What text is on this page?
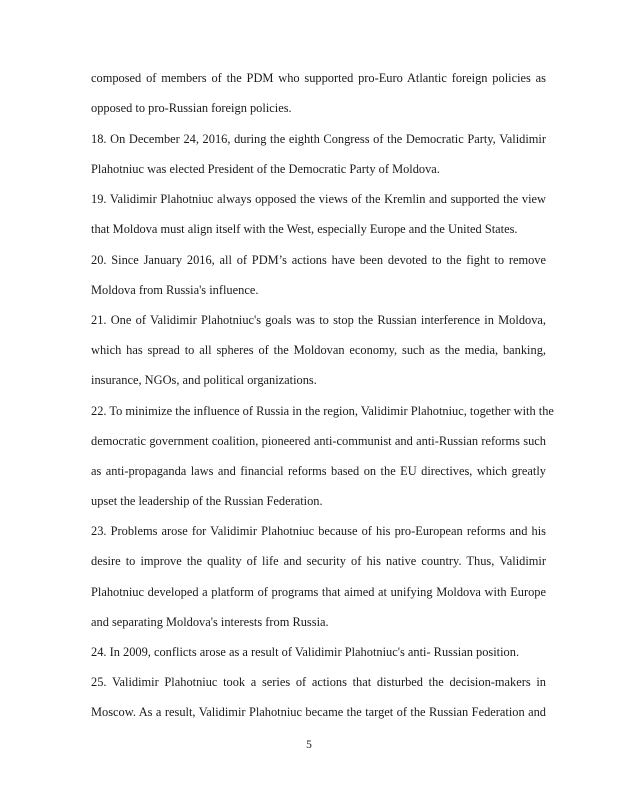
composed of members of the PDM who supported pro-Euro Atlantic foreign policies as
opposed to pro-Russian foreign policies.
18. On December 24, 2016, during the eighth Congress of the Democratic Party, Validimir
Plahotniuc was elected President of the Democratic Party of Moldova.
19. Validimir Plahotniuc always opposed the views of the Kremlin and supported the view
that Moldova must align itself with the West, especially Europe and the United States.
20. Since January 2016, all of PDM’s actions have been devoted to the fight to remove
Moldova from Russia's influence.
21. One of Validimir Plahotniuc's goals was to stop the Russian interference in Moldova,
which has spread to all spheres of the Moldovan economy, such as the media, banking,
insurance, NGOs, and political organizations.
22. To minimize the influence of Russia in the region, Validimir Plahotniuc, together with the
democratic government coalition, pioneered anti-communist and anti-Russian reforms such
as anti-propaganda laws and financial reforms based on the EU directives, which greatly
upset the leadership of the Russian Federation.
23. Problems arose for Validimir Plahotniuc because of his pro-European reforms and his
desire to improve the quality of life and security of his native country. Thus, Validimir
Plahotniuc developed a platform of programs that aimed at unifying Moldova with Europe
and separating Moldova's interests from Russia.
24. In 2009, conflicts arose as a result of Validimir Plahotniuc's anti- Russian position.
25. Validimir Plahotniuc took a series of actions that disturbed the decision-makers in
Moscow. As a result, Validimir Plahotniuc became the target of the Russian Federation and
5
